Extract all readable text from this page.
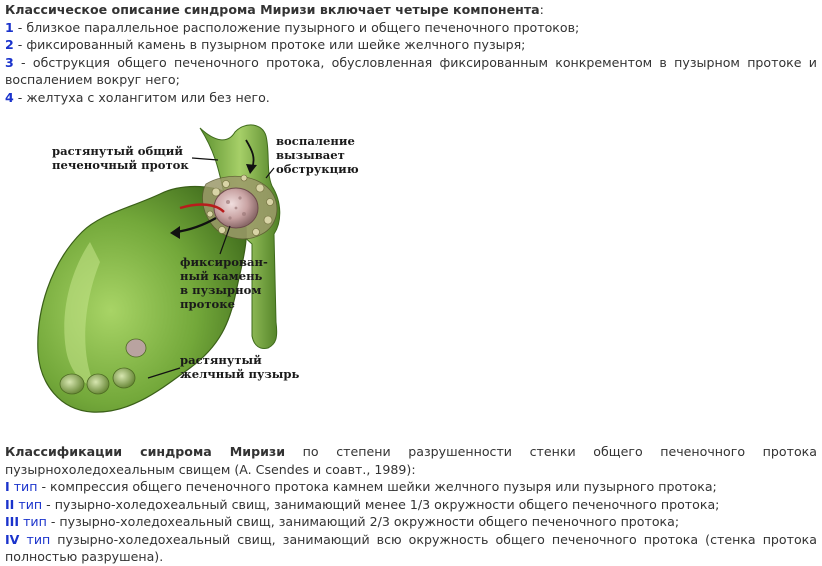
Классическое описание синдрома Миризи включает четыре компонента:
1 - близкое параллельное расположение пузырного и общего печеночного протоков;
2 - фиксированный камень в пузырном протоке или шейке желчного пузыря;
3 - обструкция общего печеночного протока, обусловленная фиксированным конкрементом в пузырном протоке и воспалением вокруг него;
4 - желтуха с холангитом или без него.
растянутый общий
печеночный проток
воспаление
вызывает
обструкцию
фиксирован-
ный камень
в пузырном
протоке
растянутый
желчный пузырь
Классификации синдрома Миризи по степени разрушенности стенки общего печеночного протока пузырнохоледохеальным свищем (A. Csendes и соавт., 1989):
I тип - компрессия общего печеночного протока камнем шейки желчного пузыря или пузырного протока;
II тип - пузырно-холедохеальный свищ, занимающий менее 1/3 окружности общего печеночного протока;
III тип - пузырно-холедохеальный свищ, занимающий 2/3 окружности общего печеночного протока;
IV тип пузырно-холедохеальный свищ, занимающий всю окружность общего печеночного протока (стенка протока полностью разрушена).
